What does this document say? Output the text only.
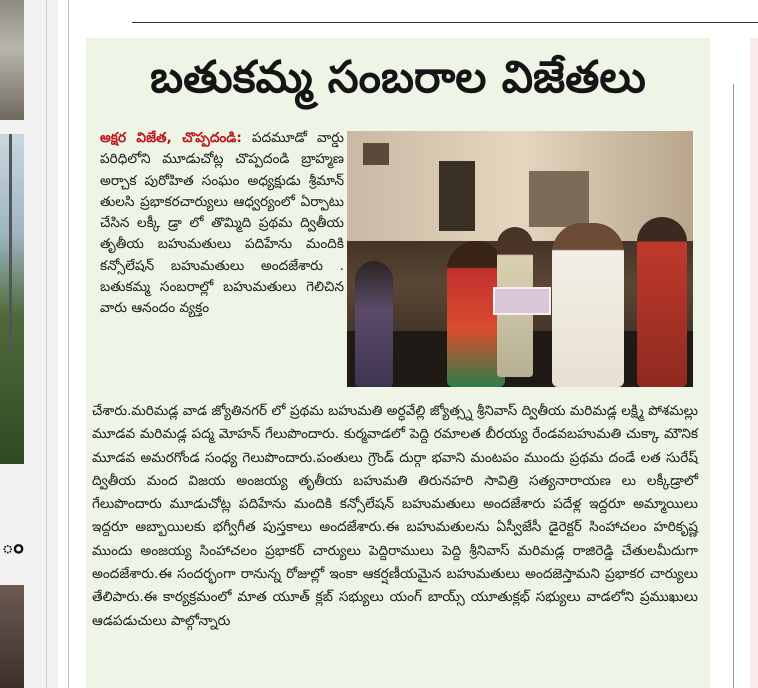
ం
బతుకమ్మ సంబరాల విజేతలు
అక్షర విజేత, చొప్పదండి: పదమూడో వార్డు పరిధిలోని మూడుచోట్ల చొప్పదండి బ్రాహ్మణ అర్చాక పురోహిత సంఘం అధ్యక్షుడు శ్రీమాన్ తులసి ప్రభాకరచార్యులు ఆధ్వర్యంలో ఏర్పాటు చేసిన లక్కీ డ్రా లో తొమ్మిది ప్రథమ ద్వితీయ తృతీయ బహుమతులు పదిహేను మందికి కన్సోలేషన్ బహుమతులు అందజేశారు . బతుకమ్మ సంబరాల్లో బహుమతులు గెలిచిన వారు ఆనందం వ్యక్తం
చేశారు.మరిమడ్ల వాడ జ్యోతినగర్ లో ప్రథమ బహుమతి అర్ధవేల్లి జ్యోత్స్న శ్రీనివాస్ ద్వితీయ మరిమడ్ల లక్ష్మి పోశమల్లు మూడవ మరిమడ్ల పద్మ మోహన్ గేలుపొందారు. కుర్మవాడలో పెద్ది రమాలత బీరయ్య రేండవబహుమతి చుక్కా మౌనిక మూడవ అమరగోండ సంధ్య గెలుపొందారు.పంతులు గ్రౌండ్ దుర్గా భవాని మంటపం ముందు ప్రథమ దండే లత సురేష్ ద్వితీయ మంద విజయ అంజయ్య తృతీయ బహుమతి తిరునహరి సావిత్రి సత్యనారాయణ లు లక్కీడ్రాలో గేలుపొందారు మూడుచోట్ల పదిహేను మందికి కన్సోలేషన్ బహుమతులు అందజేశారు పదేళ్ల ఇద్దరూ అమ్మాయిలు ఇద్దరూ అబ్బాయిలకు భగ్వీగీత పుస్తకాలు అందజేశారు.ఈ బహుమతులను ఏస్వీజేసీ డైరెక్టర్ సింహాచలం హరికృష్ణ ముందు అంజయ్య సింహాచలం ప్రభాకర్ చార్యులు పెద్దిరాములు పెద్ది శ్రీనివాస్ మరిమడ్ల రాజిరెడ్డి చేతులమీదుగా అందజేశారు.ఈ సందర్భంగా రానున్న రోజుల్లో ఇంకా ఆకర్షణీయమైన బహుమతులు అందజెస్తామని ప్రభాకర చార్యులు తేలిపారు.ఈ కార్యక్రమంలో మాత యూత్ క్లబ్ సభ్యులు యంగ్ బాయ్స్ యూతుక్లభ్ సభ్యులు వాడలోని ప్రముఖులు ఆడపడుచులు పాల్గోన్నారు
